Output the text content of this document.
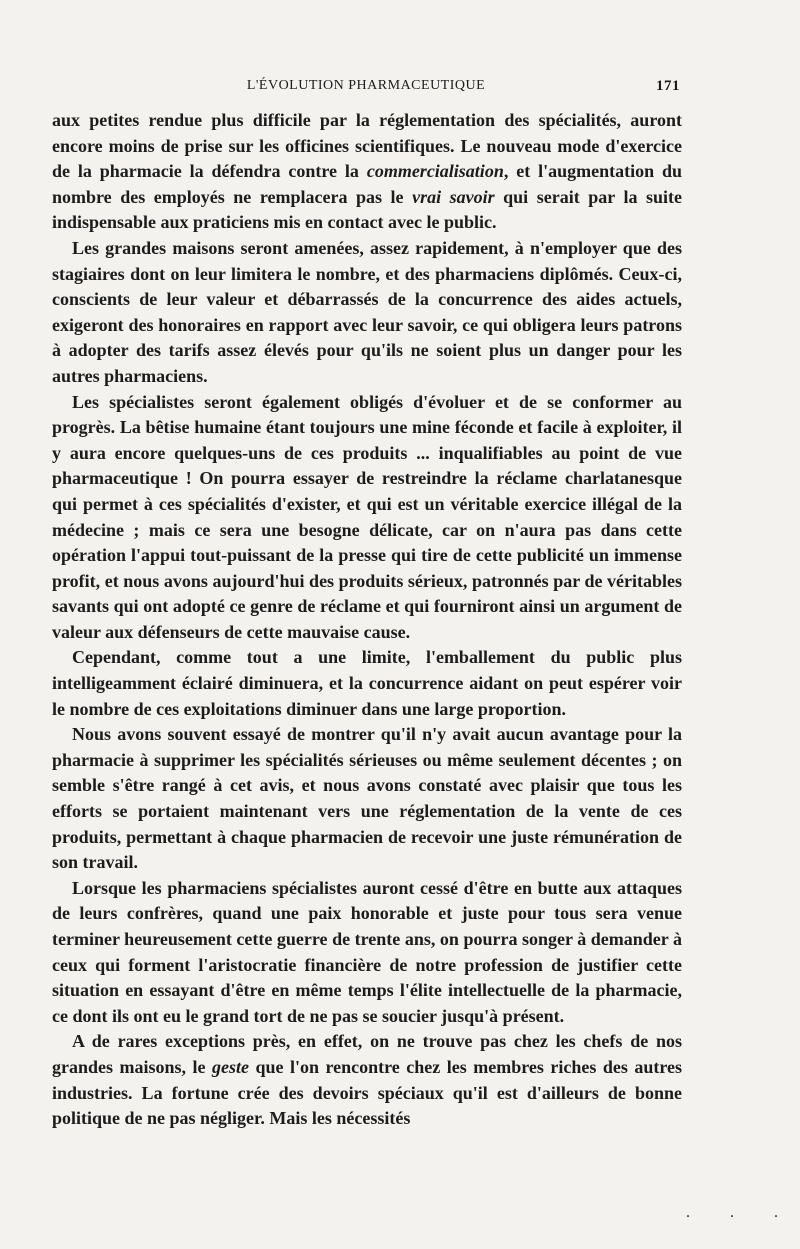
L'ÉVOLUTION PHARMACEUTIQUE	171

aux petites rendue plus difficile par la réglementation des spécialités, auront encore moins de prise sur les officines scientifiques. Le nouveau mode d'exercice de la pharmacie la défendra contre la commercialisation, et l'augmentation du nombre des employés ne remplacera pas le vrai savoir qui serait par la suite indispensable aux praticiens mis en contact avec le public.

Les grandes maisons seront amenées, assez rapidement, à n'employer que des stagiaires dont on leur limitera le nombre, et des pharmaciens diplômés. Ceux-ci, conscients de leur valeur et débarrassés de la concurrence des aides actuels, exigeront des honoraires en rapport avec leur savoir, ce qui obligera leurs patrons à adopter des tarifs assez élevés pour qu'ils ne soient plus un danger pour les autres pharmaciens.

Les spécialistes seront également obligés d'évoluer et de se conformer au progrès. La bêtise humaine étant toujours une mine féconde et facile à exploiter, il y aura encore quelques-uns de ces produits ... inqualifiables au point de vue pharmaceutique ! On pourra essayer de restreindre la réclame charlatanesque qui permet à ces spécialités d'exister, et qui est un véritable exercice illégal de la médecine ; mais ce sera une besogne délicate, car on n'aura pas dans cette opération l'appui tout-puissant de la presse qui tire de cette publicité un immense profit, et nous avons aujourd'hui des produits sérieux, patronnés par de véritables savants qui ont adopté ce genre de réclame et qui fourniront ainsi un argument de valeur aux défenseurs de cette mauvaise cause.

Cependant, comme tout a une limite, l'emballement du public plus intelligeamment éclairé diminuera, et la concurrence aidant on peut espérer voir le nombre de ces exploitations diminuer dans une large proportion.

Nous avons souvent essayé de montrer qu'il n'y avait aucun avantage pour la pharmacie à supprimer les spécialités sérieuses ou même seulement décentes ; on semble s'être rangé à cet avis, et nous avons constaté avec plaisir que tous les efforts se portaient maintenant vers une réglementation de la vente de ces produits, permettant à chaque pharmacien de recevoir une juste rémunération de son travail.

Lorsque les pharmaciens spécialistes auront cessé d'être en butte aux attaques de leurs confrères, quand une paix honorable et juste pour tous sera venue terminer heureusement cette guerre de trente ans, on pourra songer à demander à ceux qui forment l'aristocratie financière de notre profession de justifier cette situation en essayant d'être en même temps l'élite intellectuelle de la pharmacie, ce dont ils ont eu le grand tort de ne pas se soucier jusqu'à présent.

A de rares exceptions près, en effet, on ne trouve pas chez les chefs de nos grandes maisons, le geste que l'on rencontre chez les membres riches des autres industries. La fortune crée des devoirs spéciaux qu'il est d'ailleurs de bonne politique de ne pas négliger. Mais les nécessités

. . .
